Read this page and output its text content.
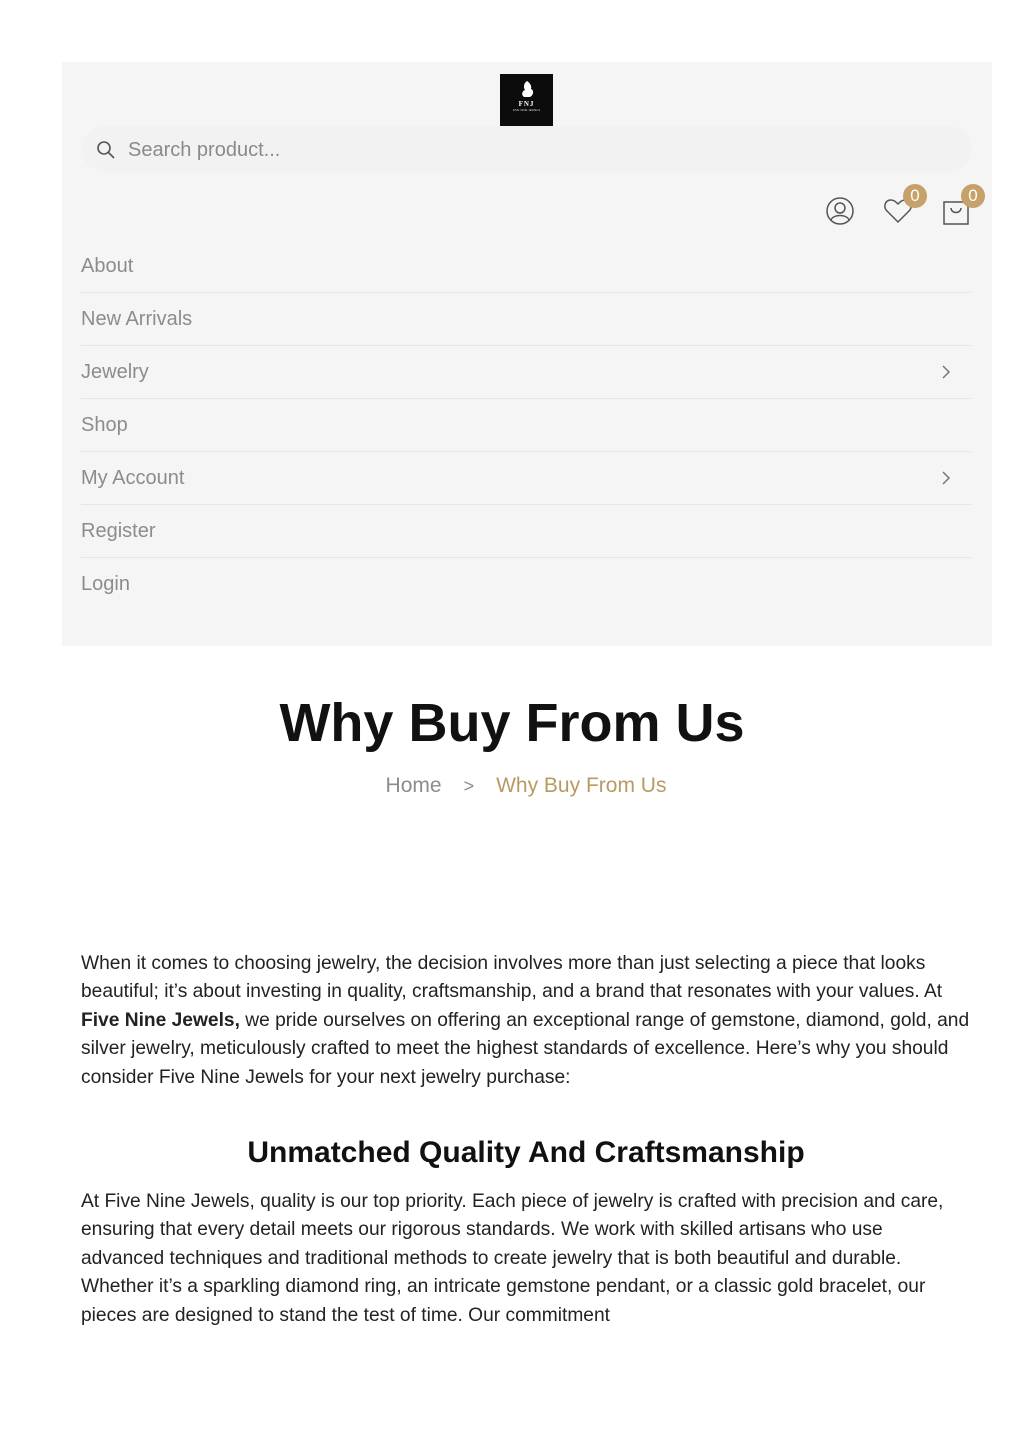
FNJ
FIVE NINE JEWELS
Search product...
0	0
About
New Arrivals
Jewelry
Shop
My Account
Register
Login
Why Buy From Us
Home > Why Buy From Us

When it comes to choosing jewelry, the decision involves more than just selecting a piece that looks beautiful; it’s about investing in quality, craftsmanship, and a brand that resonates with your values. At Five Nine Jewels, we pride ourselves on offering an exceptional range of gemstone, diamond, gold, and silver jewelry, meticulously crafted to meet the highest standards of excellence. Here’s why you should consider Five Nine Jewels for your next jewelry purchase:

Unmatched Quality And Craftsmanship

At Five Nine Jewels, quality is our top priority. Each piece of jewelry is crafted with precision and care, ensuring that every detail meets our rigorous standards. We work with skilled artisans who use advanced techniques and traditional methods to create jewelry that is both beautiful and durable. Whether it’s a sparkling diamond ring, an intricate gemstone pendant, or a classic gold bracelet, our pieces are designed to stand the test of time. Our commitment
